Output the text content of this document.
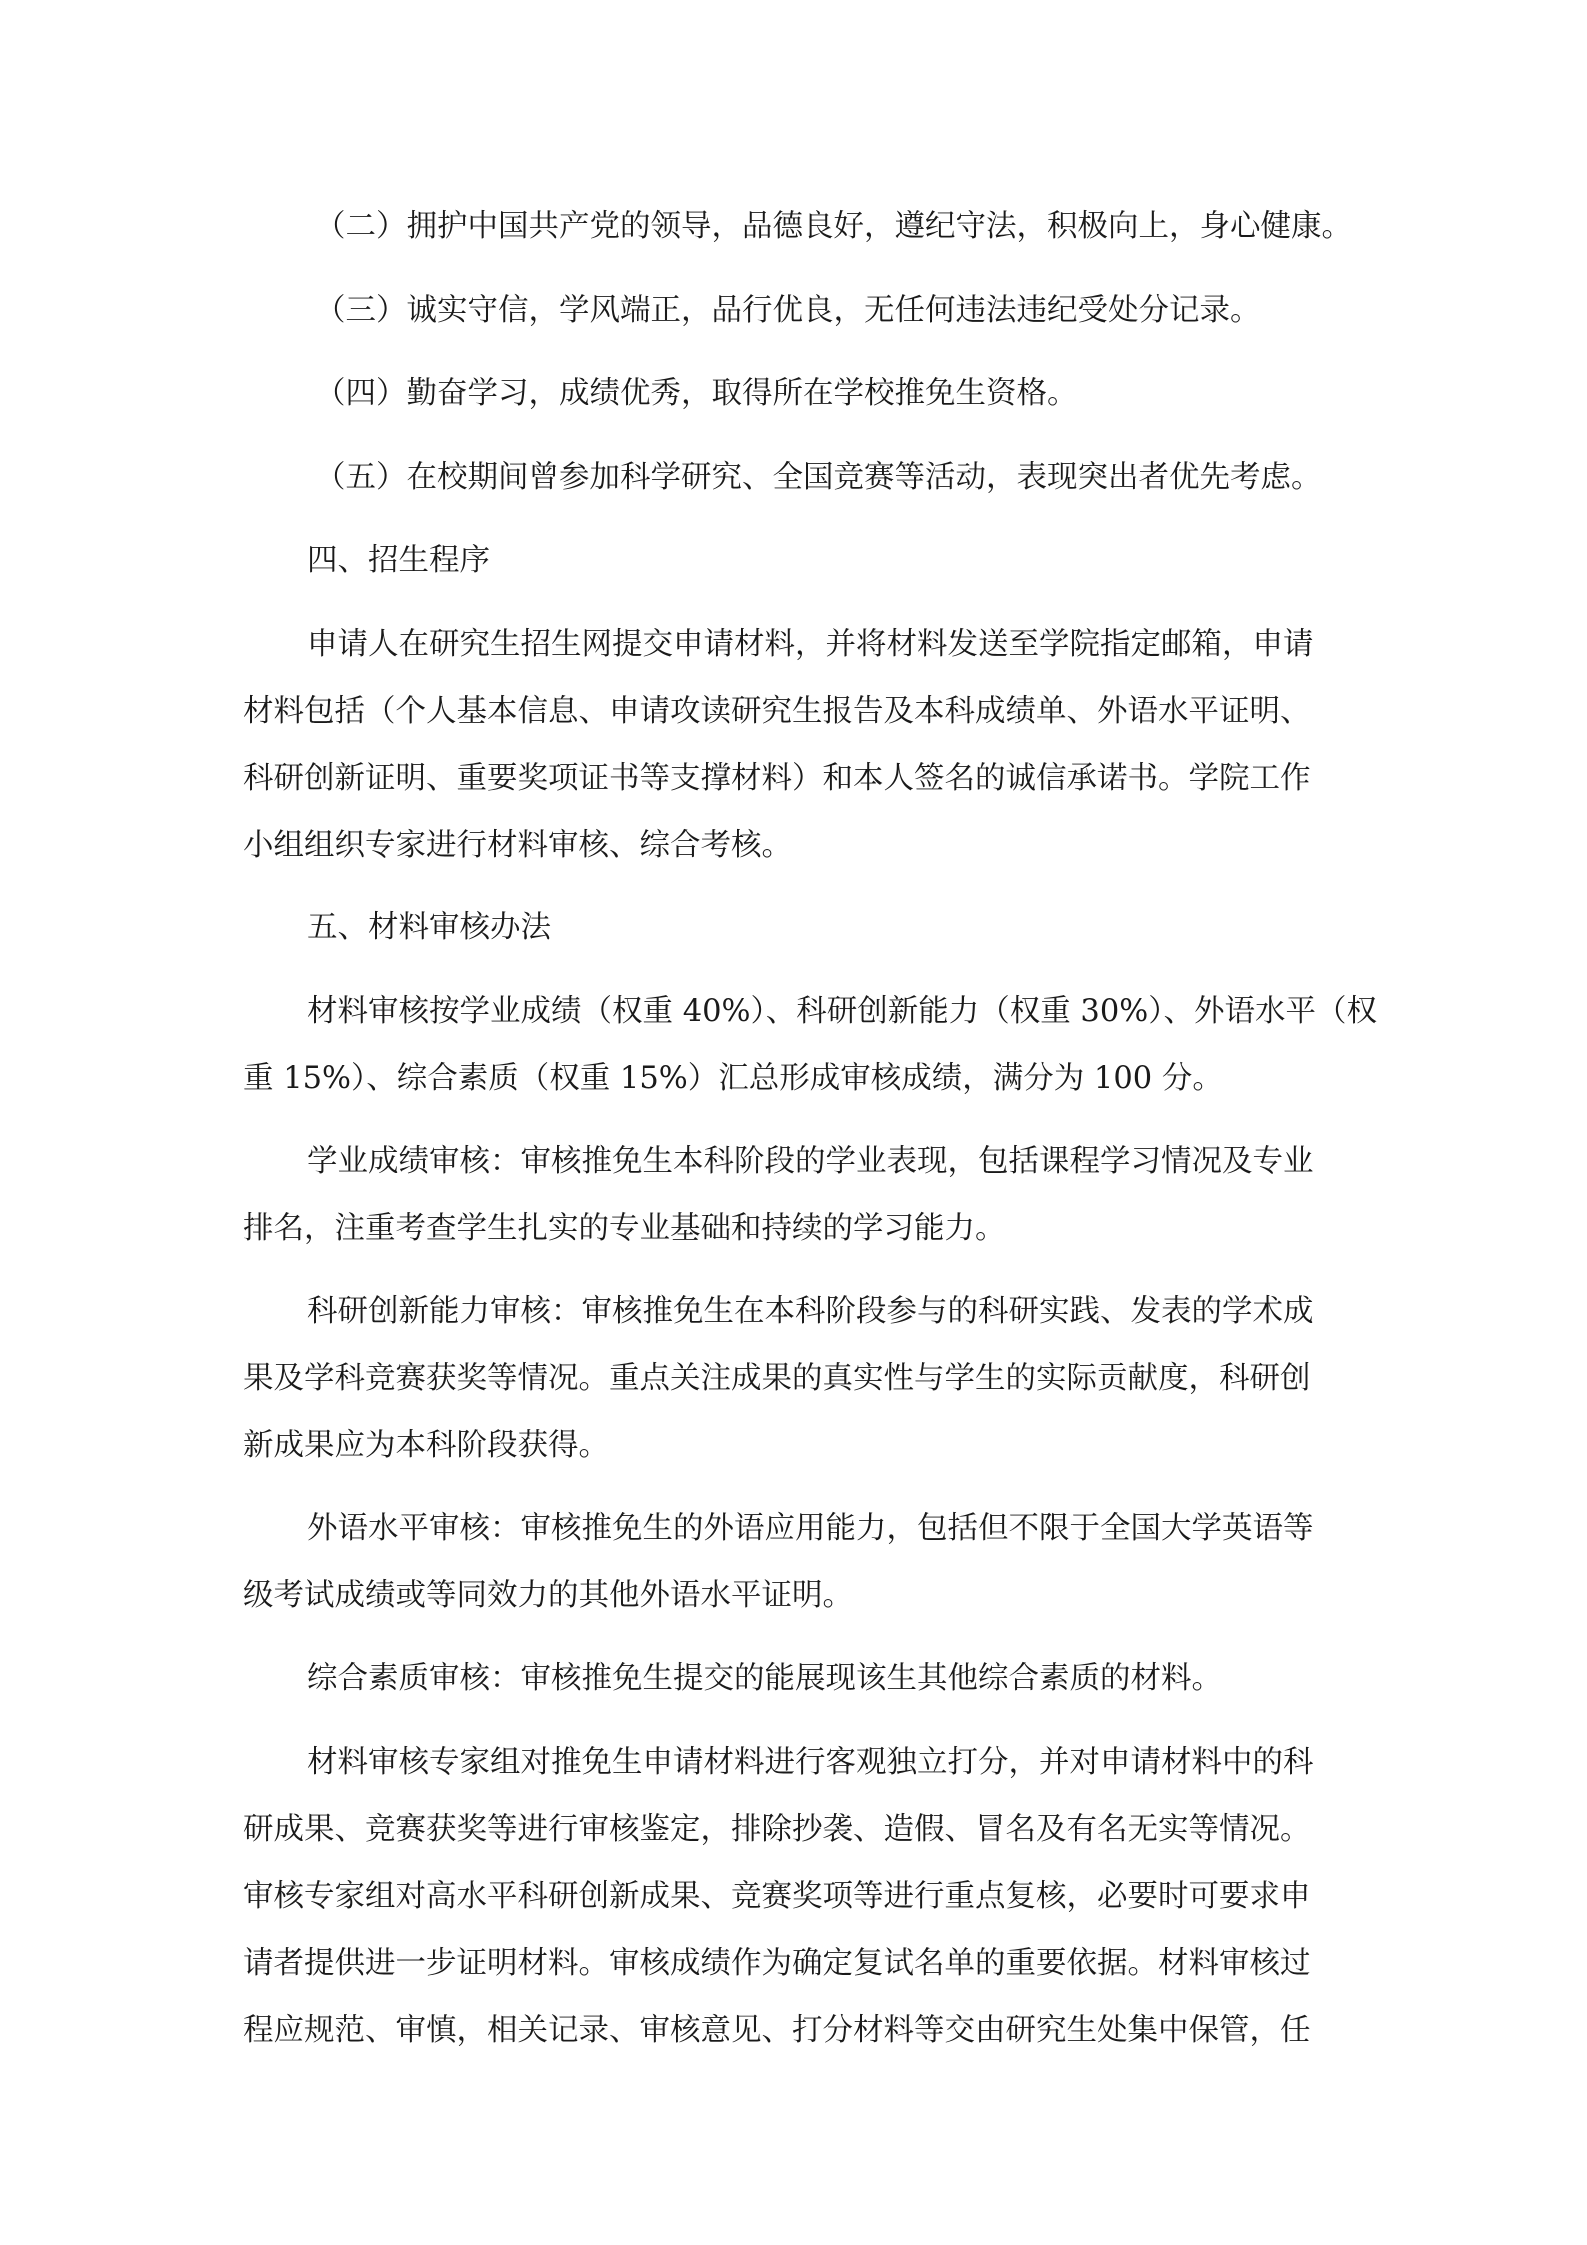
（二）拥护中国共产党的领导，品德良好，遵纪守法，积极向上，身心健康。
（三）诚实守信，学风端正，品行优良，无任何违法违纪受处分记录。
（四）勤奋学习，成绩优秀，取得所在学校推免生资格。
（五）在校期间曾参加科学研究、全国竞赛等活动，表现突出者优先考虑。
四、招生程序
申请人在研究生招生网提交申请材料，并将材料发送至学院指定邮箱，申请
材料包括（个人基本信息、申请攻读研究生报告及本科成绩单、外语水平证明、
科研创新证明、重要奖项证书等支撑材料）和本人签名的诚信承诺书。学院工作
小组组织专家进行材料审核、综合考核。
五、材料审核办法
材料审核按学业成绩（权重 40%）、科研创新能力（权重 30%）、外语水平（权
重 15%）、综合素质（权重 15%）汇总形成审核成绩，满分为 100 分。
学业成绩审核：审核推免生本科阶段的学业表现，包括课程学习情况及专业
排名，注重考查学生扎实的专业基础和持续的学习能力。
科研创新能力审核：审核推免生在本科阶段参与的科研实践、发表的学术成
果及学科竞赛获奖等情况。重点关注成果的真实性与学生的实际贡献度，科研创
新成果应为本科阶段获得。
外语水平审核：审核推免生的外语应用能力，包括但不限于全国大学英语等
级考试成绩或等同效力的其他外语水平证明。
综合素质审核：审核推免生提交的能展现该生其他综合素质的材料。
材料审核专家组对推免生申请材料进行客观独立打分，并对申请材料中的科
研成果、竞赛获奖等进行审核鉴定，排除抄袭、造假、冒名及有名无实等情况。
审核专家组对高水平科研创新成果、竞赛奖项等进行重点复核，必要时可要求申
请者提供进一步证明材料。审核成绩作为确定复试名单的重要依据。材料审核过
程应规范、审慎，相关记录、审核意见、打分材料等交由研究生处集中保管，任
